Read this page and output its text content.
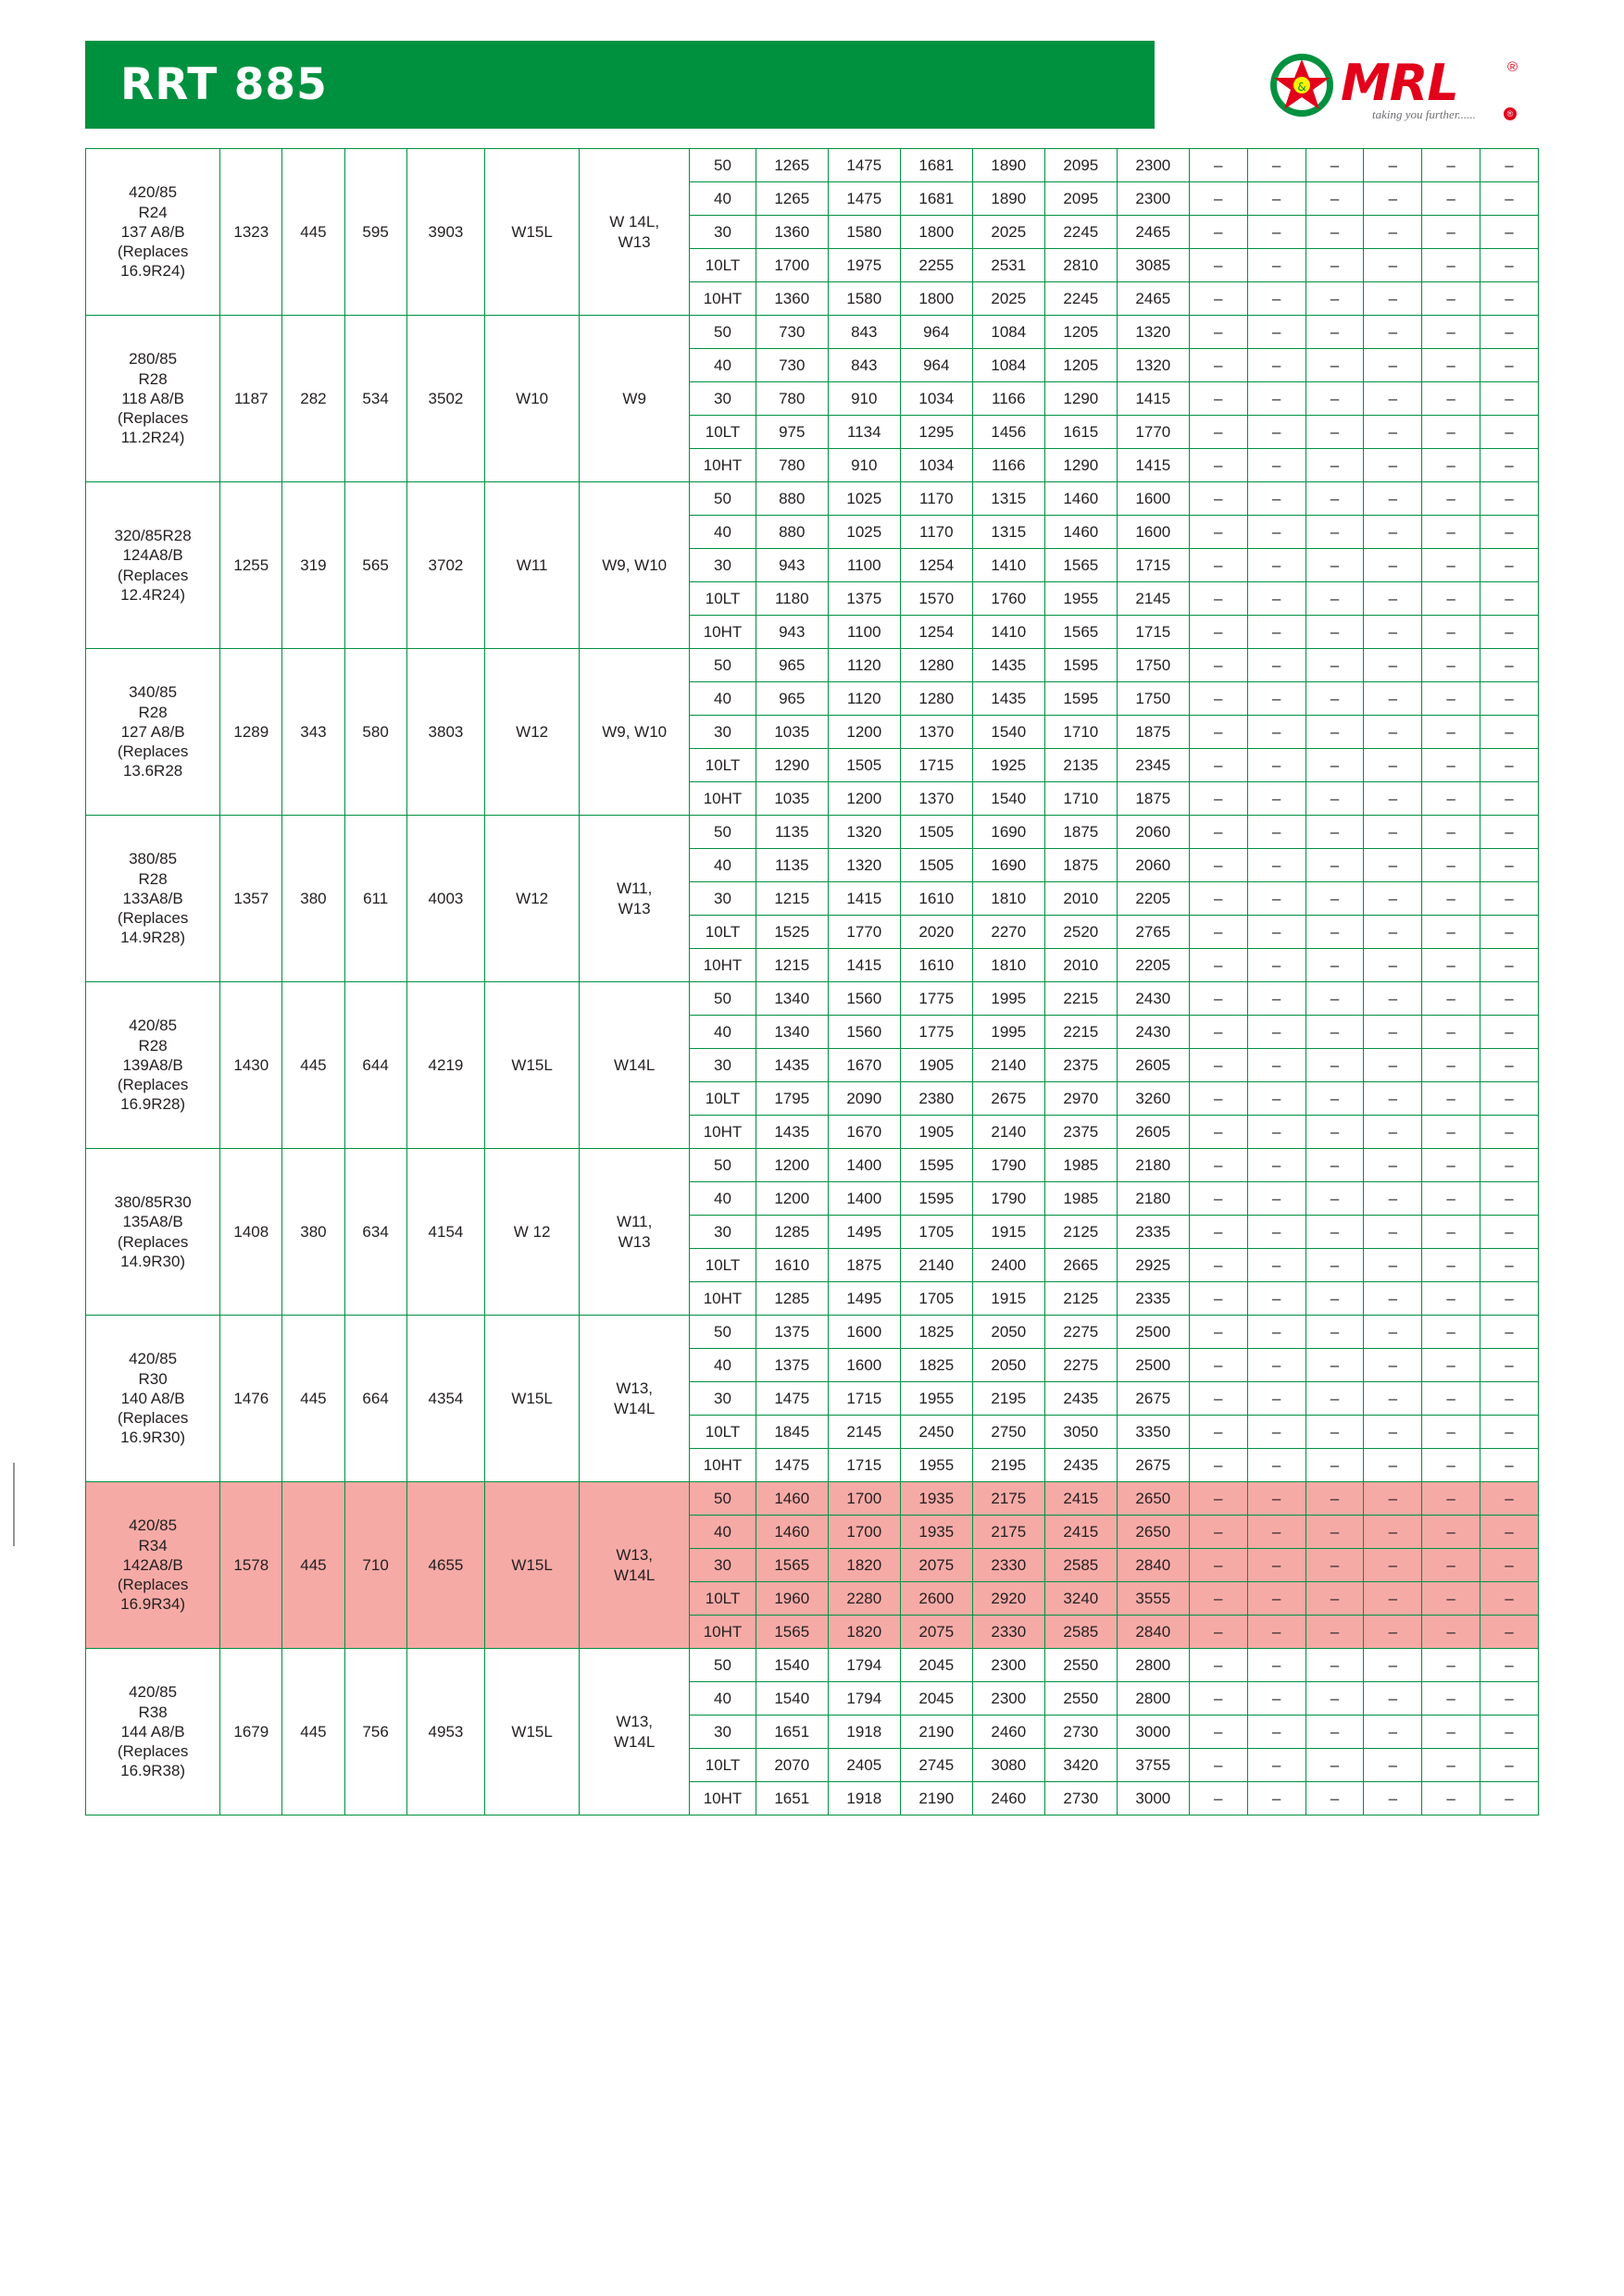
RRT 885	& MRL	®
taking you further......	®
420/85
R24
137 A8/B
(Replaces
16.9R24)	1323	445	595	3903	W15L	W 14L,
W13	50	1265	1475	1681	1890	2095	2300	–	–	–	–	–	–
							40	1265	1475	1681	1890	2095	2300	–	–	–	–	–	–
							30	1360	1580	1800	2025	2245	2465	–	–	–	–	–	–
							10LT	1700	1975	2255	2531	2810	3085	–	–	–	–	–	–
							10HT	1360	1580	1800	2025	2245	2465	–	–	–	–	–	–
280/85
R28
118 A8/B
(Replaces
11.2R24)	1187	282	534	3502	W10	W9	50	730	843	964	1084	1205	1320	–	–	–	–	–	–
							40	730	843	964	1084	1205	1320	–	–	–	–	–	–
							30	780	910	1034	1166	1290	1415	–	–	–	–	–	–
							10LT	975	1134	1295	1456	1615	1770	–	–	–	–	–	–
							10HT	780	910	1034	1166	1290	1415	–	–	–	–	–	–
320/85R28
124A8/B
(Replaces
12.4R24)	1255	319	565	3702	W11	W9, W10	50	880	1025	1170	1315	1460	1600	–	–	–	–	–	–
							40	880	1025	1170	1315	1460	1600	–	–	–	–	–	–
							30	943	1100	1254	1410	1565	1715	–	–	–	–	–	–
							10LT	1180	1375	1570	1760	1955	2145	–	–	–	–	–	–
							10HT	943	1100	1254	1410	1565	1715	–	–	–	–	–	–
340/85
R28
127 A8/B
(Replaces
13.6R28	1289	343	580	3803	W12	W9, W10	50	965	1120	1280	1435	1595	1750	–	–	–	–	–	–
							40	965	1120	1280	1435	1595	1750	–	–	–	–	–	–
							30	1035	1200	1370	1540	1710	1875	–	–	–	–	–	–
							10LT	1290	1505	1715	1925	2135	2345	–	–	–	–	–	–
							10HT	1035	1200	1370	1540	1710	1875	–	–	–	–	–	–
380/85
R28
133A8/B
(Replaces
14.9R28)	1357	380	611	4003	W12	W11,
W13	50	1135	1320	1505	1690	1875	2060	–	–	–	–	–	–
							40	1135	1320	1505	1690	1875	2060	–	–	–	–	–	–
							30	1215	1415	1610	1810	2010	2205	–	–	–	–	–	–
							10LT	1525	1770	2020	2270	2520	2765	–	–	–	–	–	–
							10HT	1215	1415	1610	1810	2010	2205	–	–	–	–	–	–
420/85
R28
139A8/B
(Replaces
16.9R28)	1430	445	644	4219	W15L	W14L	50	1340	1560	1775	1995	2215	2430	–	–	–	–	–	–
							40	1340	1560	1775	1995	2215	2430	–	–	–	–	–	–
							30	1435	1670	1905	2140	2375	2605	–	–	–	–	–	–
							10LT	1795	2090	2380	2675	2970	3260	–	–	–	–	–	–
							10HT	1435	1670	1905	2140	2375	2605	–	–	–	–	–	–
380/85R30
135A8/B
(Replaces
14.9R30)	1408	380	634	4154	W 12	W11,
W13	50	1200	1400	1595	1790	1985	2180	–	–	–	–	–	–
							40	1200	1400	1595	1790	1985	2180	–	–	–	–	–	–
							30	1285	1495	1705	1915	2125	2335	–	–	–	–	–	–
							10LT	1610	1875	2140	2400	2665	2925	–	–	–	–	–	–
							10HT	1285	1495	1705	1915	2125	2335	–	–	–	–	–	–
420/85
R30
140 A8/B
(Replaces
16.9R30)	1476	445	664	4354	W15L	W13,
W14L	50	1375	1600	1825	2050	2275	2500	–	–	–	–	–	–
							40	1375	1600	1825	2050	2275	2500	–	–	–	–	–	–
							30	1475	1715	1955	2195	2435	2675	–	–	–	–	–	–
							10LT	1845	2145	2450	2750	3050	3350	–	–	–	–	–	–
							10HT	1475	1715	1955	2195	2435	2675	–	–	–	–	–	–
420/85
R34
142A8/B
(Replaces
16.9R34)	1578	445	710	4655	W15L	W13,
W14L	50	1460	1700	1935	2175	2415	2650	–	–	–	–	–	–
							40	1460	1700	1935	2175	2415	2650	–	–	–	–	–	–
							30	1565	1820	2075	2330	2585	2840	–	–	–	–	–	–
							10LT	1960	2280	2600	2920	3240	3555	–	–	–	–	–	–
							10HT	1565	1820	2075	2330	2585	2840	–	–	–	–	–	–
420/85
R38
144 A8/B
(Replaces
16.9R38)	1679	445	756	4953	W15L	W13,
W14L	50	1540	1794	2045	2300	2550	2800	–	–	–	–	–	–
							40	1540	1794	2045	2300	2550	2800	–	–	–	–	–	–
							30	1651	1918	2190	2460	2730	3000	–	–	–	–	–	–
							10LT	2070	2405	2745	3080	3420	3755	–	–	–	–	–	–
							10HT	1651	1918	2190	2460	2730	3000	–	–	–	–	–	–
